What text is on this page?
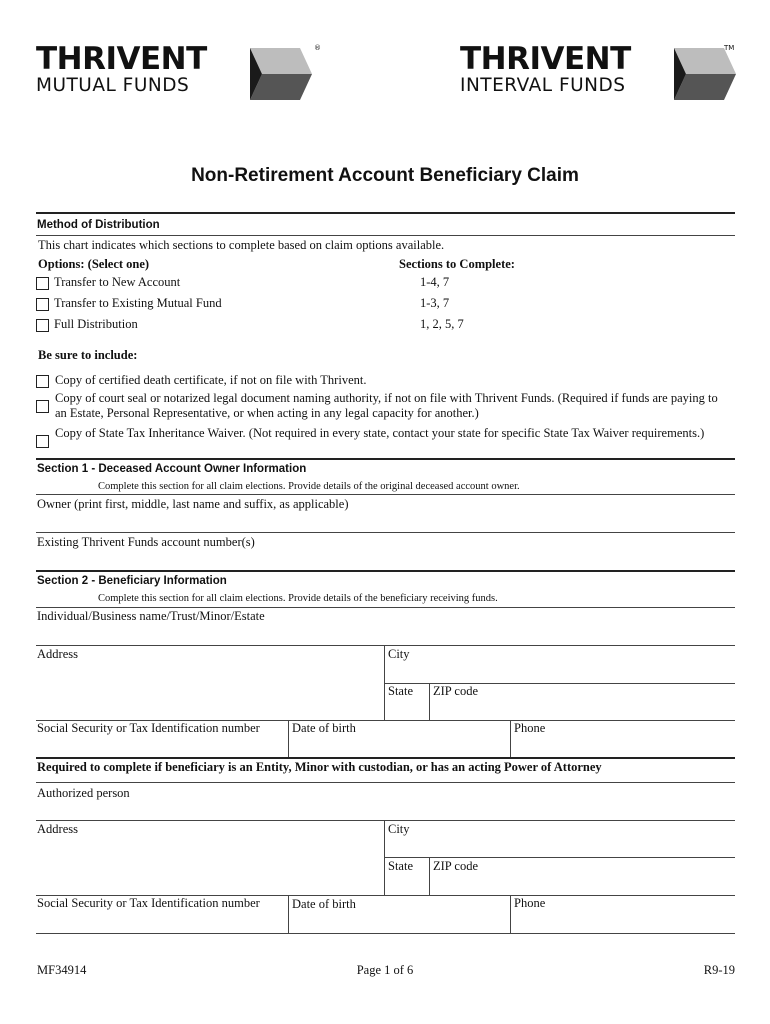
THRIVENT
MUTUAL FUNDS
®	THRIVENT
INTERVAL FUNDS
TM
Non-Retirement Account Beneficiary Claim
Method of Distribution
This chart indicates which sections to complete based on claim options available.
Options: (Select one)	Sections to Complete:
Transfer to New Account	1-4, 7
Transfer to Existing Mutual Fund	1-3, 7
Full Distribution	1, 2, 5, 7
Be sure to include:
Copy of certified death certificate, if not on file with Thrivent.
Copy of court seal or notarized legal document naming authority, if not on file with Thrivent Funds. (Required if funds are paying to an Estate, Personal Representative, or when acting in any legal capacity for another.)
Copy of State Tax Inheritance Waiver. (Not required in every state, contact your state for specific State Tax Waiver requirements.)
Section 1 - Deceased Account Owner Information
Complete this section for all claim elections. Provide details of the original deceased account owner.
Owner (print first, middle, last name and suffix, as applicable)
Existing Thrivent Funds account number(s)
Section 2 - Beneficiary Information
Complete this section for all claim elections. Provide details of the beneficiary receiving funds.
Individual/Business name/Trust/Minor/Estate
Address	City
State ZIP code
Social Security or Tax Identification number	Date of birth	Phone
Required to complete if beneficiary is an Entity, Minor with custodian, or has an acting Power of Attorney
Authorized person
Address	City
State ZIP code
Social Security or Tax Identification number	Date of birth	Phone
MF34914	Page 1 of 6	R9-19
